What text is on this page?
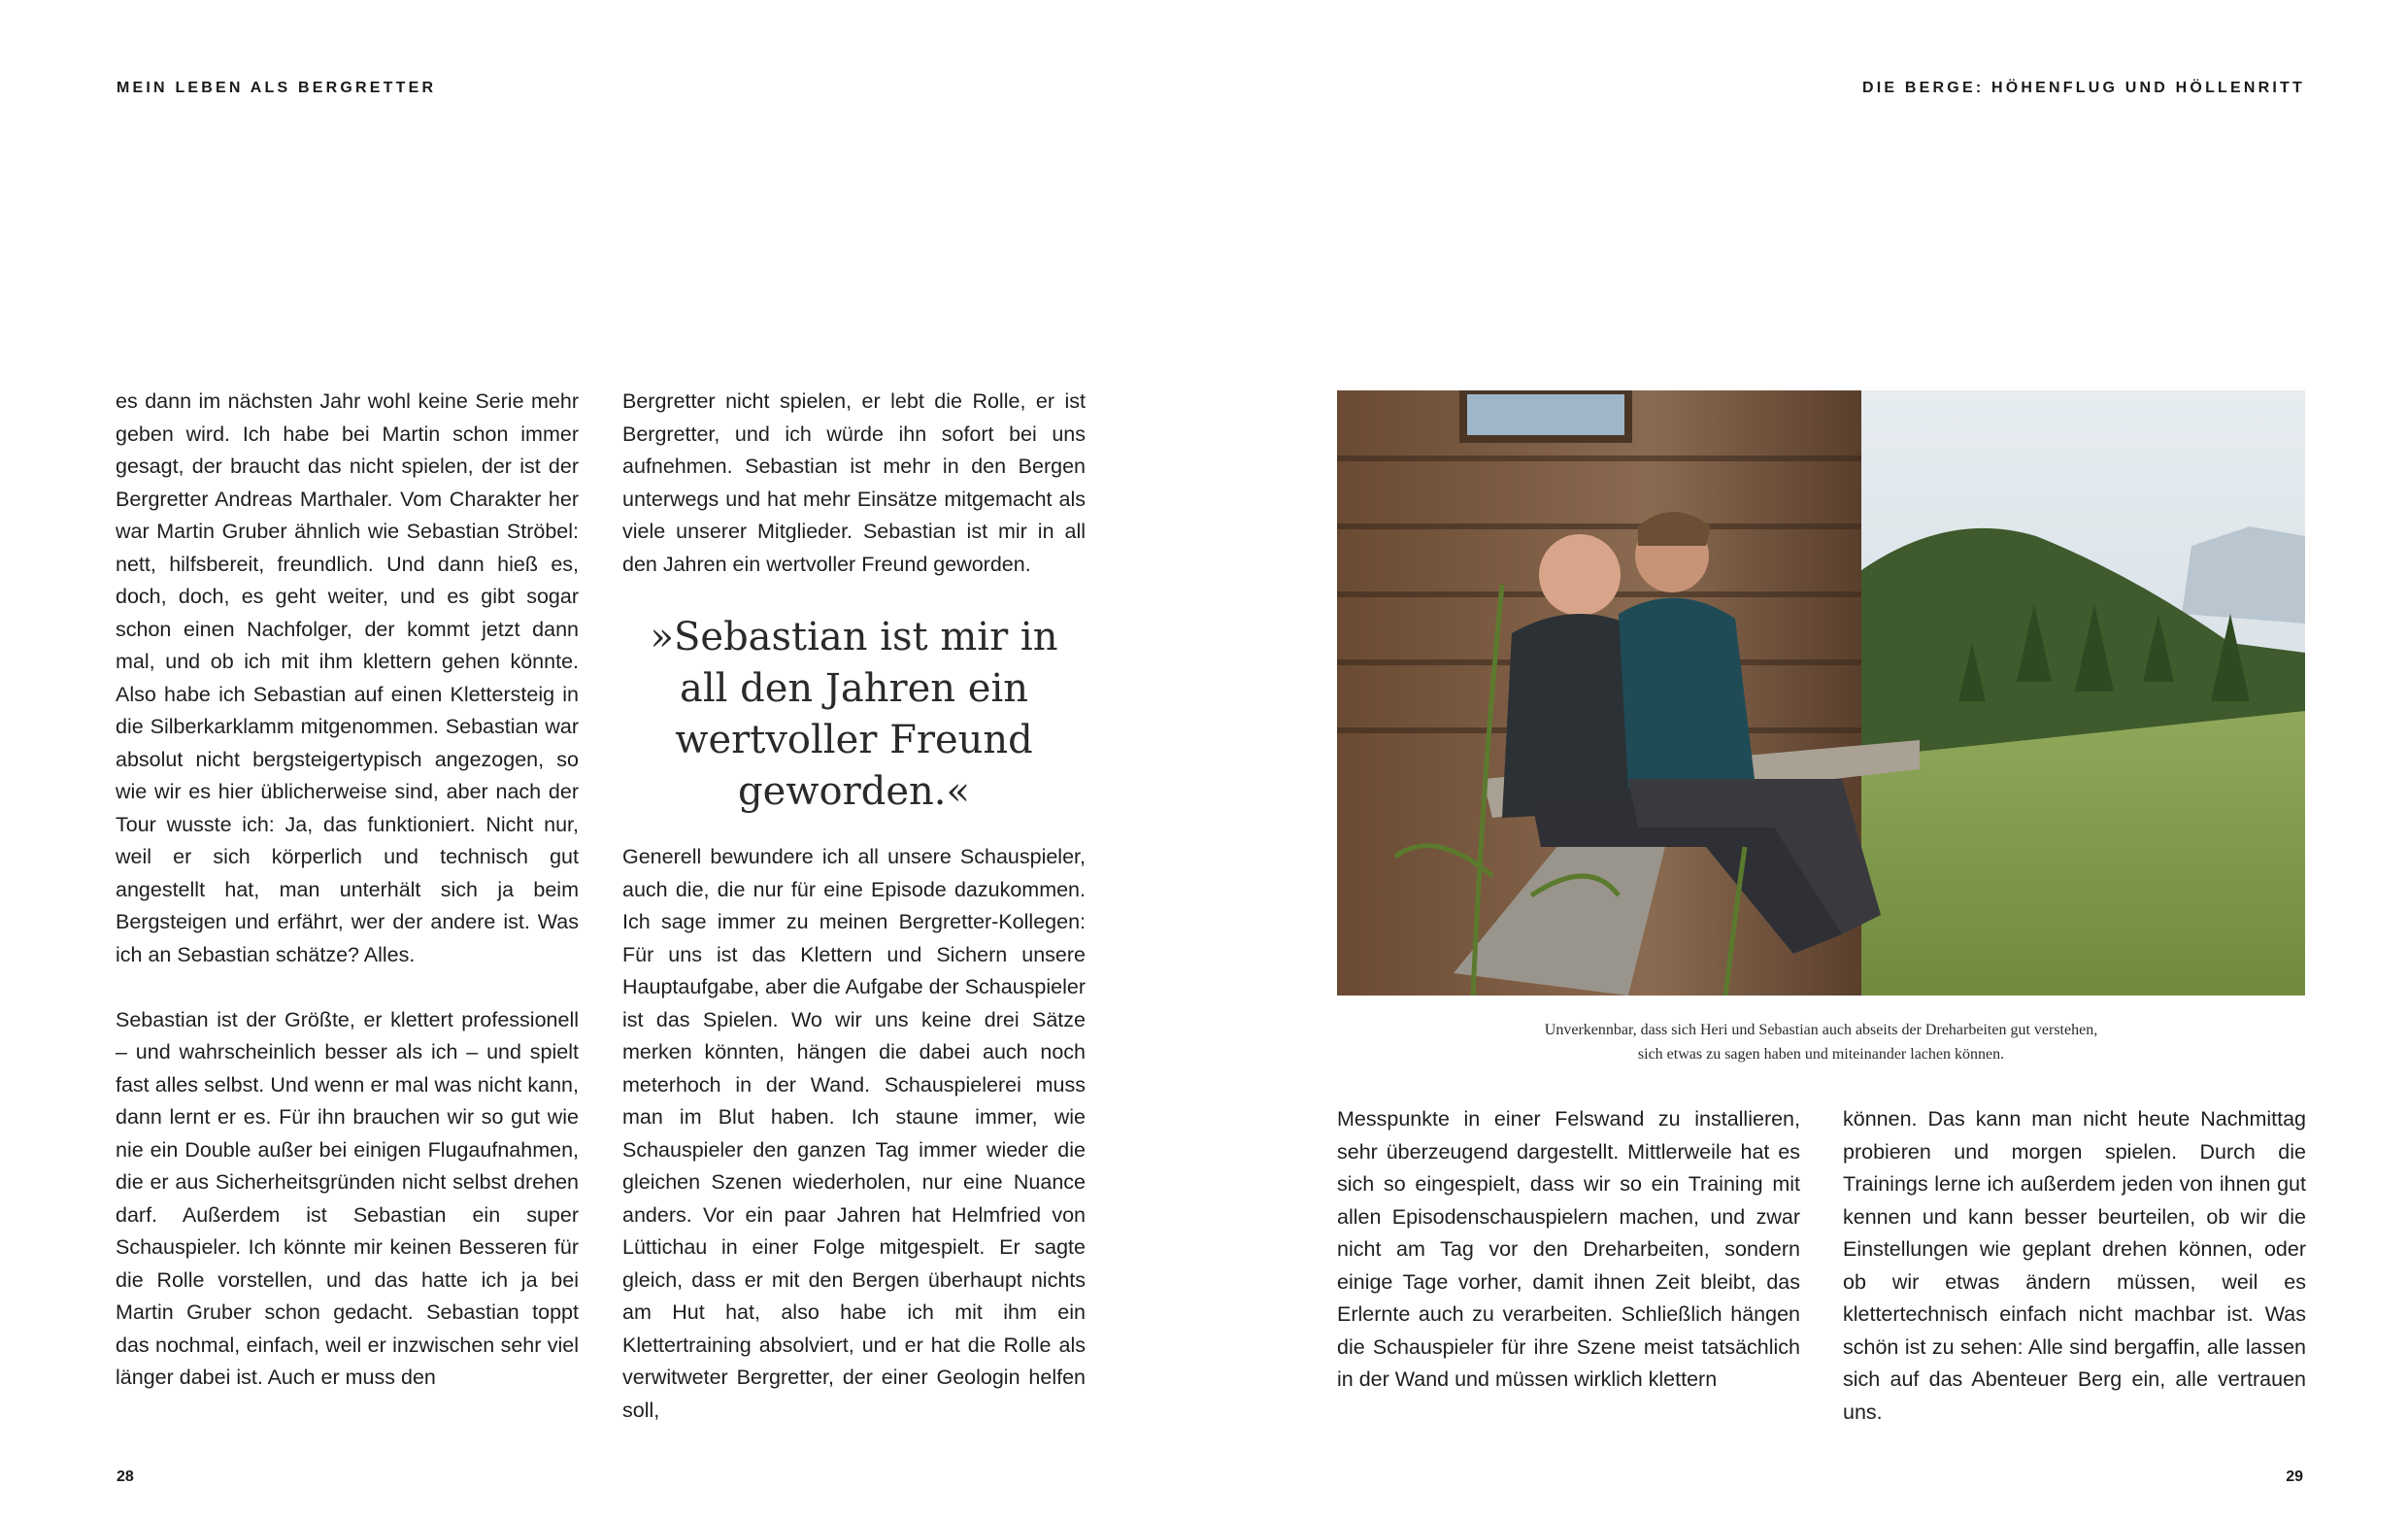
MEIN LEBEN ALS BERGRETTER	DIE BERGE: HÖHENFLUG UND HÖLLENRITT

es dann im nächsten Jahr wohl keine Serie mehr geben wird. Ich habe bei Martin schon immer gesagt, der braucht das nicht spielen, der ist der Bergretter Andreas Marthaler. Vom Charakter her war Martin Gruber ähnlich wie Sebastian Ströbel: nett, hilfsbereit, freundlich. Und dann hieß es, doch, doch, es geht weiter, und es gibt sogar schon einen Nachfolger, der kommt jetzt dann mal, und ob ich mit ihm klettern gehen könnte. Also habe ich Sebastian auf einen Klettersteig in die Silberkarklamm mitgenommen. Sebastian war absolut nicht bergsteigertypisch angezogen, so wie wir es hier üblicherweise sind, aber nach der Tour wusste ich: Ja, das funktioniert. Nicht nur, weil er sich körperlich und technisch gut angestellt hat, man unterhält sich ja beim Bergsteigen und erfährt, wer der andere ist. Was ich an Sebastian schätze? Alles.

Sebastian ist der Größte, er klettert professionell – und wahrscheinlich besser als ich – und spielt fast alles selbst. Und wenn er mal was nicht kann, dann lernt er es. Für ihn brauchen wir so gut wie nie ein Double außer bei einigen Flugaufnahmen, die er aus Sicherheitsgründen nicht selbst drehen darf. Außerdem ist Sebastian ein super Schauspieler. Ich könnte mir keinen Besseren für die Rolle vorstellen, und das hatte ich ja bei Martin Gruber schon gedacht. Sebastian toppt das nochmal, einfach, weil er inzwischen sehr viel länger dabei ist. Auch er muss den

Bergretter nicht spielen, er lebt die Rolle, er ist Bergretter, und ich würde ihn sofort bei uns aufnehmen. Sebastian ist mehr in den Bergen unterwegs und hat mehr Einsätze mitgemacht als viele unserer Mitglieder. Sebastian ist mir in all den Jahren ein wertvoller Freund geworden.

»Sebastian ist mir in all den Jahren ein wertvoller Freund geworden.«

Generell bewundere ich all unsere Schauspieler, auch die, die nur für eine Episode dazukommen. Ich sage immer zu meinen Bergretter-Kollegen: Für uns ist das Klettern und Sichern unsere Hauptaufgabe, aber die Aufgabe der Schauspieler ist das Spielen. Wo wir uns keine drei Sätze merken könnten, hängen die dabei auch noch meterhoch in der Wand. Schauspielerei muss man im Blut haben. Ich staune immer, wie Schauspieler den ganzen Tag immer wieder die gleichen Szenen wiederholen, nur eine Nuance anders. Vor ein paar Jahren hat Helmfried von Lüttichau in einer Folge mitgespielt. Er sagte gleich, dass er mit den Bergen überhaupt nichts am Hut hat, also habe ich mit ihm ein Klettertraining absolviert, und er hat die Rolle als verwitweter Bergretter, der einer Geologin helfen soll,

Unverkennbar, dass sich Heri und Sebastian auch abseits der Dreharbeiten gut verstehen,
sich etwas zu sagen haben und miteinander lachen können.

Messpunkte in einer Felswand zu installieren, sehr überzeugend dargestellt. Mittlerweile hat es sich so eingespielt, dass wir so ein Training mit allen Episodenschauspielern machen, und zwar nicht am Tag vor den Dreharbeiten, sondern einige Tage vorher, damit ihnen Zeit bleibt, das Erlernte auch zu verarbeiten. Schließlich hängen die Schauspieler für ihre Szene meist tatsächlich in der Wand und müssen wirklich klettern

können. Das kann man nicht heute Nachmittag probieren und morgen spielen. Durch die Trainings lerne ich außerdem jeden von ihnen gut kennen und kann besser beurteilen, ob wir die Einstellungen wie geplant drehen können, oder ob wir etwas ändern müssen, weil es klettertechnisch einfach nicht machbar ist. Was schön ist zu sehen: Alle sind bergaffin, alle lassen sich auf das Abenteuer Berg ein, alle vertrauen uns.

28	29
